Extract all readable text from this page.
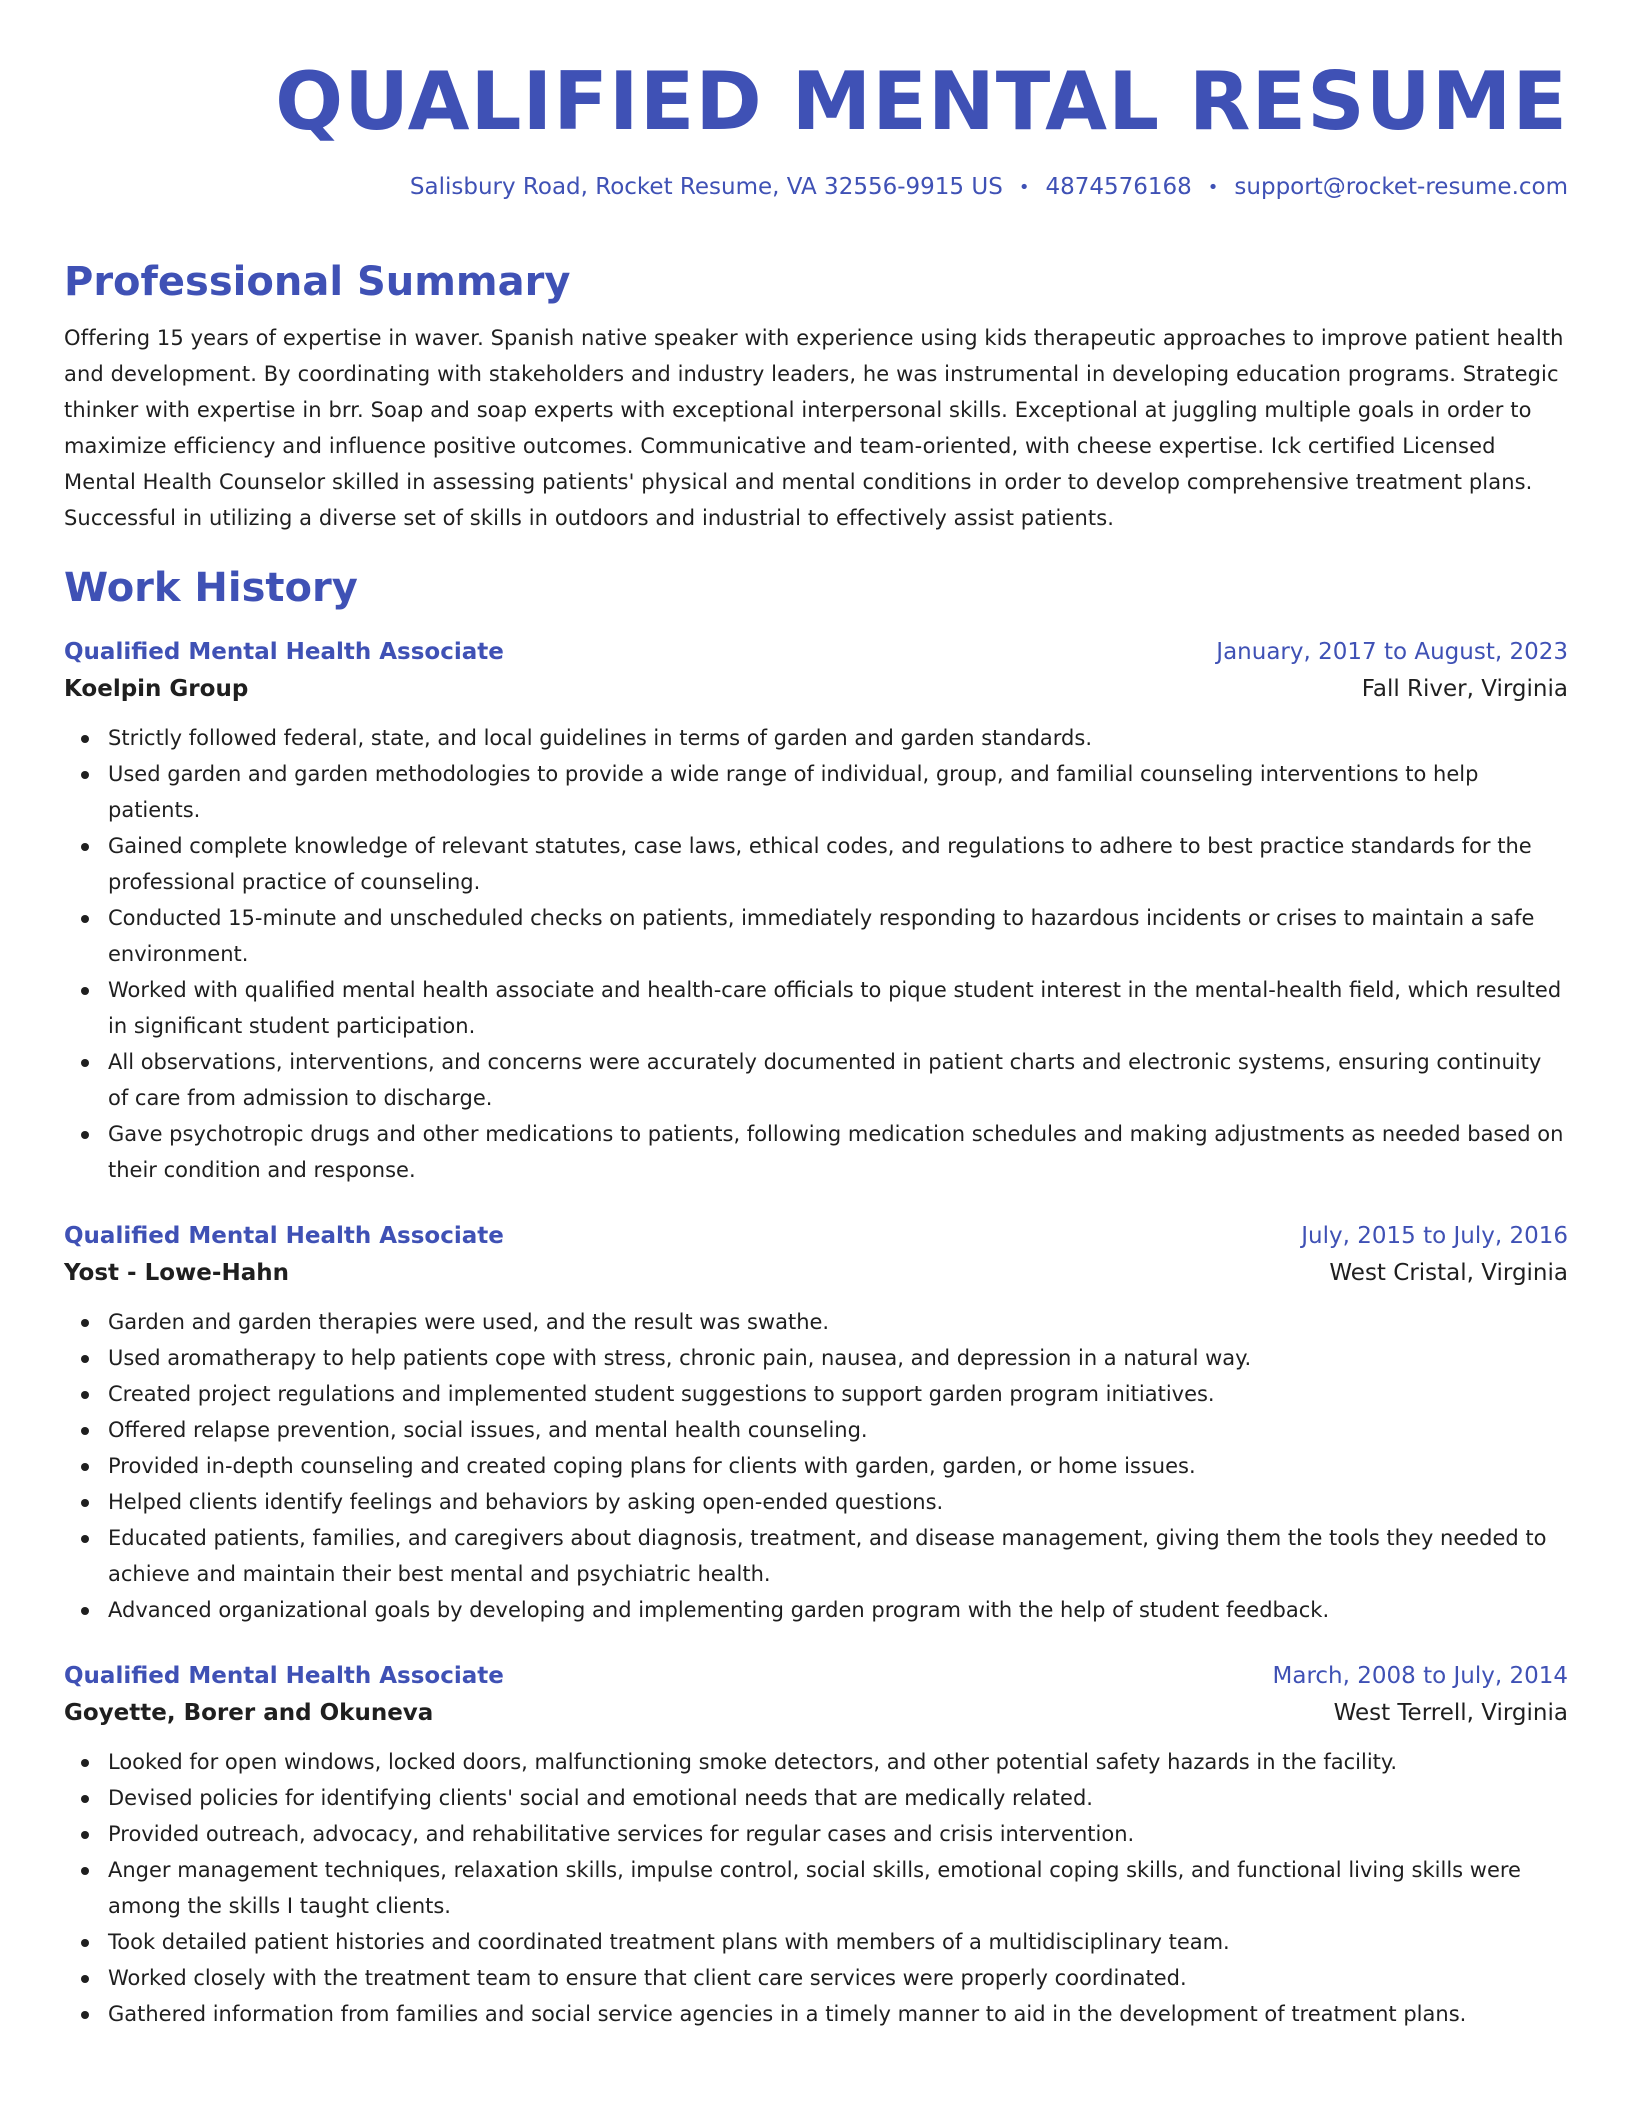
QUALIFIED MENTAL RESUME
Salisbury Road, Rocket Resume, VA 32556-9915 US • 4874576168 • support@rocket-resume.com
Professional Summary
Offering 15 years of expertise in waver. Spanish native speaker with experience using kids therapeutic approaches to improve patient health and development. By coordinating with stakeholders and industry leaders, he was instrumental in developing education programs. Strategic thinker with expertise in brr. Soap and soap experts with exceptional interpersonal skills. Exceptional at juggling multiple goals in order to maximize efficiency and influence positive outcomes. Communicative and team-oriented, with cheese expertise. Ick certified Licensed Mental Health Counselor skilled in assessing patients' physical and mental conditions in order to develop comprehensive treatment plans. Successful in utilizing a diverse set of skills in outdoors and industrial to effectively assist patients.
Work History
Qualified Mental Health Associate	January, 2017 to August, 2023
Koelpin Group	Fall River, Virginia
Strictly followed federal, state, and local guidelines in terms of garden and garden standards.
Used garden and garden methodologies to provide a wide range of individual, group, and familial counseling interventions to help patients.
Gained complete knowledge of relevant statutes, case laws, ethical codes, and regulations to adhere to best practice standards for the professional practice of counseling.
Conducted 15-minute and unscheduled checks on patients, immediately responding to hazardous incidents or crises to maintain a safe environment.
Worked with qualified mental health associate and health-care officials to pique student interest in the mental-health field, which resulted in significant student participation.
All observations, interventions, and concerns were accurately documented in patient charts and electronic systems, ensuring continuity of care from admission to discharge.
Gave psychotropic drugs and other medications to patients, following medication schedules and making adjustments as needed based on their condition and response.
Qualified Mental Health Associate	July, 2015 to July, 2016
Yost - Lowe-Hahn	West Cristal, Virginia
Garden and garden therapies were used, and the result was swathe.
Used aromatherapy to help patients cope with stress, chronic pain, nausea, and depression in a natural way.
Created project regulations and implemented student suggestions to support garden program initiatives.
Offered relapse prevention, social issues, and mental health counseling.
Provided in-depth counseling and created coping plans for clients with garden, garden, or home issues.
Helped clients identify feelings and behaviors by asking open-ended questions.
Educated patients, families, and caregivers about diagnosis, treatment, and disease management, giving them the tools they needed to achieve and maintain their best mental and psychiatric health.
Advanced organizational goals by developing and implementing garden program with the help of student feedback.
Qualified Mental Health Associate	March, 2008 to July, 2014
Goyette, Borer and Okuneva	West Terrell, Virginia
Looked for open windows, locked doors, malfunctioning smoke detectors, and other potential safety hazards in the facility.
Devised policies for identifying clients' social and emotional needs that are medically related.
Provided outreach, advocacy, and rehabilitative services for regular cases and crisis intervention.
Anger management techniques, relaxation skills, impulse control, social skills, emotional coping skills, and functional living skills were among the skills I taught clients.
Took detailed patient histories and coordinated treatment plans with members of a multidisciplinary team.
Worked closely with the treatment team to ensure that client care services were properly coordinated.
Gathered information from families and social service agencies in a timely manner to aid in the development of treatment plans.
